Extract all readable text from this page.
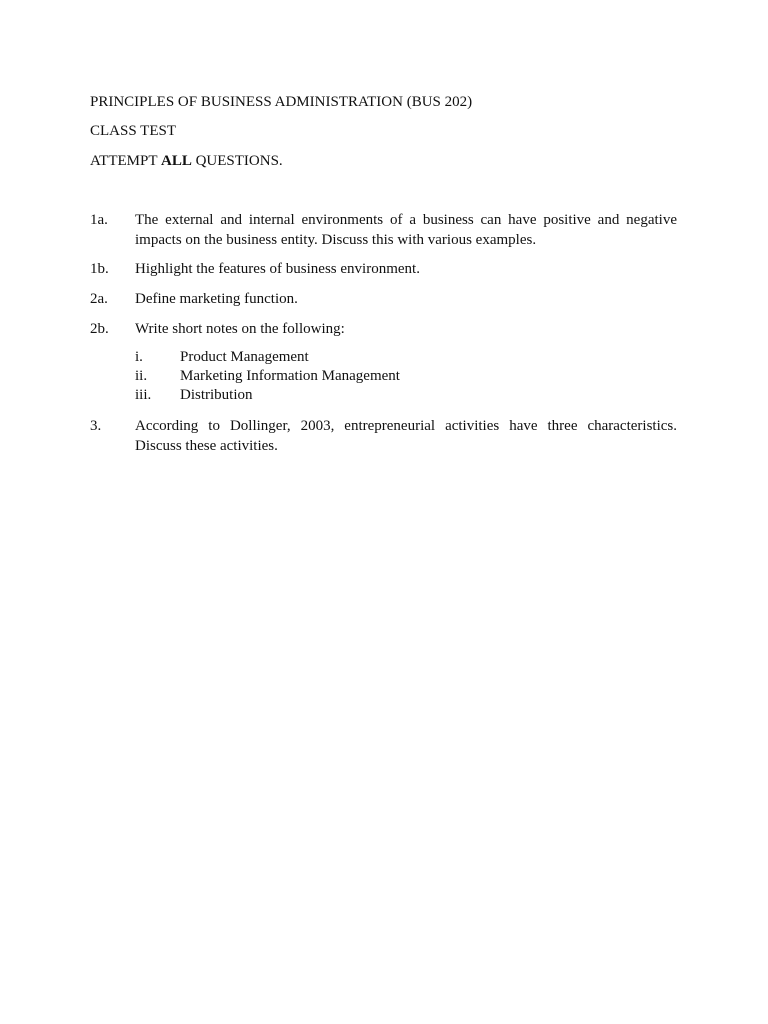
PRINCIPLES OF BUSINESS ADMINISTRATION (BUS 202)
CLASS TEST
ATTEMPT ALL QUESTIONS.
1a.	The external and internal environments of a business can have positive and negative impacts on the business entity. Discuss this with various examples.
1b.	Highlight the features of business environment.
2a.	Define marketing function.
2b.	Write short notes on the following:
i. Product Management
ii. Marketing Information Management
iii. Distribution
3.	According to Dollinger, 2003, entrepreneurial activities have three characteristics. Discuss these activities.
